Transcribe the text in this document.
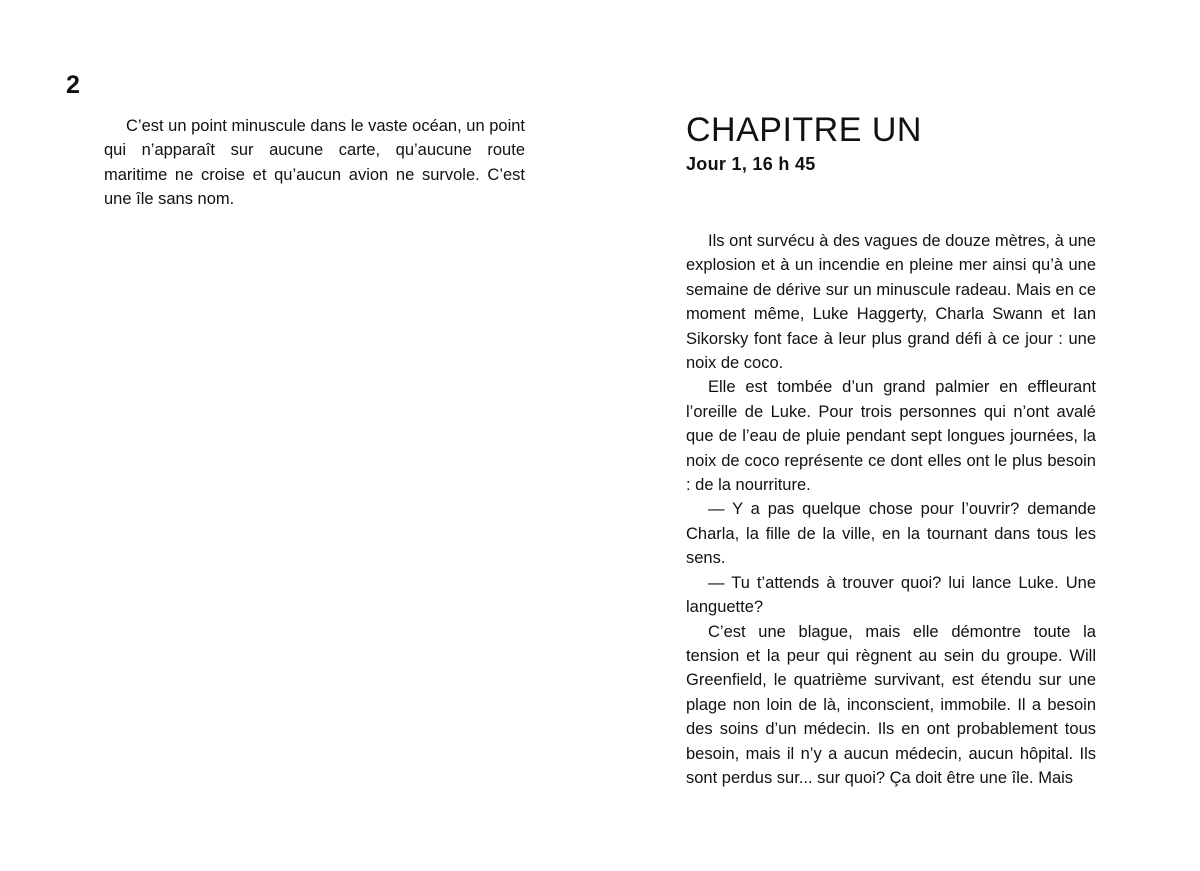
2

C’est un point minuscule dans le vaste océan, un point qui n’apparaît sur aucune carte, qu’aucune route maritime ne croise et qu’aucun avion ne survole. C’est une île sans nom.

CHAPITRE UN
Jour 1, 16 h 45

Ils ont survécu à des vagues de douze mètres, à une explosion et à un incendie en pleine mer ainsi qu’à une semaine de dérive sur un minuscule radeau. Mais en ce moment même, Luke Haggerty, Charla Swann et Ian Sikorsky font face à leur plus grand défi à ce jour : une noix de coco.

Elle est tombée d’un grand palmier en effleurant l’oreille de Luke. Pour trois personnes qui n’ont avalé que de l’eau de pluie pendant sept longues journées, la noix de coco représente ce dont elles ont le plus besoin : de la nourriture.

— Y a pas quelque chose pour l’ouvrir? demande Charla, la fille de la ville, en la tournant dans tous les sens.

— Tu t’attends à trouver quoi? lui lance Luke. Une languette?

C’est une blague, mais elle démontre toute la tension et la peur qui règnent au sein du groupe. Will Greenfield, le quatrième survivant, est étendu sur une plage non loin de là, inconscient, immobile. Il a besoin des soins d’un médecin. Ils en ont probablement tous besoin, mais il n’y a aucun médecin, aucun hôpital. Ils sont perdus sur... sur quoi? Ça doit être une île. Mais
